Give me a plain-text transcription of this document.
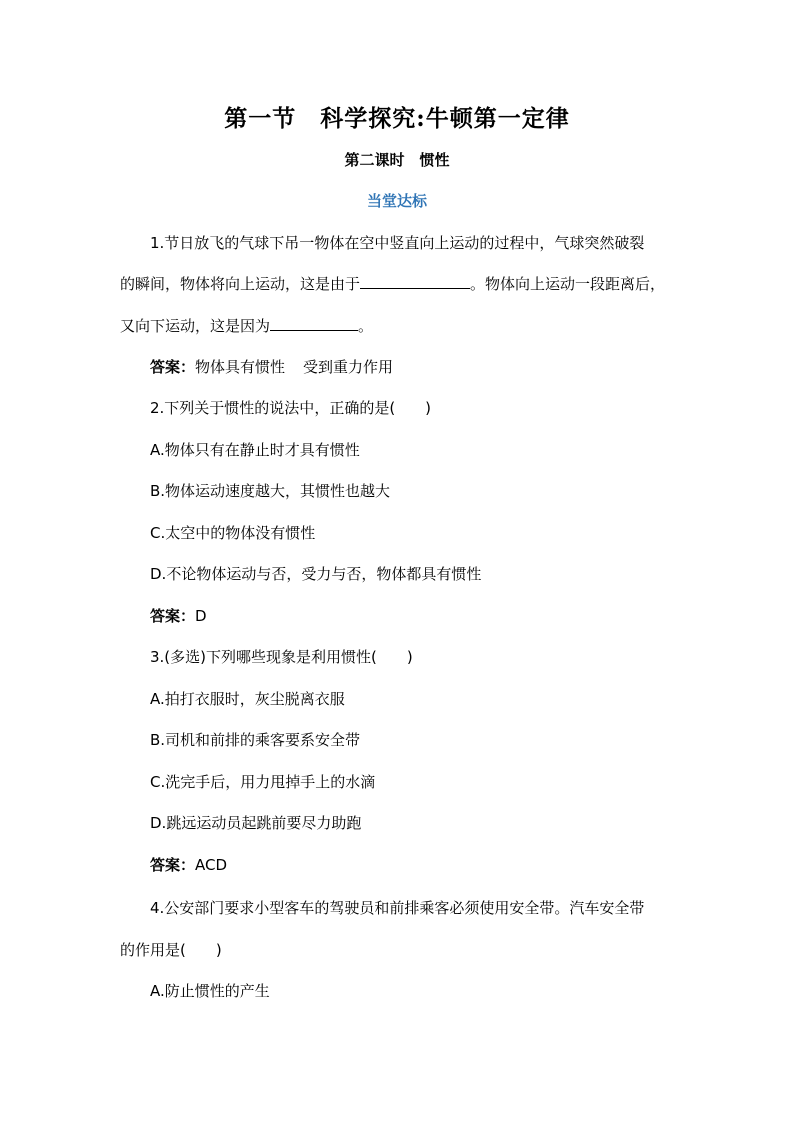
第一节　科学探究:牛顿第一定律
第二课时　惯性
当堂达标
1.节日放飞的气球下吊一物体在空中竖直向上运动的过程中，气球突然破裂
的瞬间，物体将向上运动，这是由于	。物体向上运动一段距离后，
又向下运动，这是因为	。
答案：物体具有惯性 受到重力作用
2.下列关于惯性的说法中，正确的是(　　)
A.物体只有在静止时才具有惯性
B.物体运动速度越大，其惯性也越大
C.太空中的物体没有惯性
D.不论物体运动与否，受力与否，物体都具有惯性
答案：D
3.(多选)下列哪些现象是利用惯性(　　)
A.拍打衣服时，灰尘脱离衣服
B.司机和前排的乘客要系安全带
C.洗完手后，用力甩掉手上的水滴
D.跳远运动员起跳前要尽力助跑
答案：ACD
4.公安部门要求小型客车的驾驶员和前排乘客必须使用安全带。汽车安全带
的作用是(　　)
A.防止惯性的产生
